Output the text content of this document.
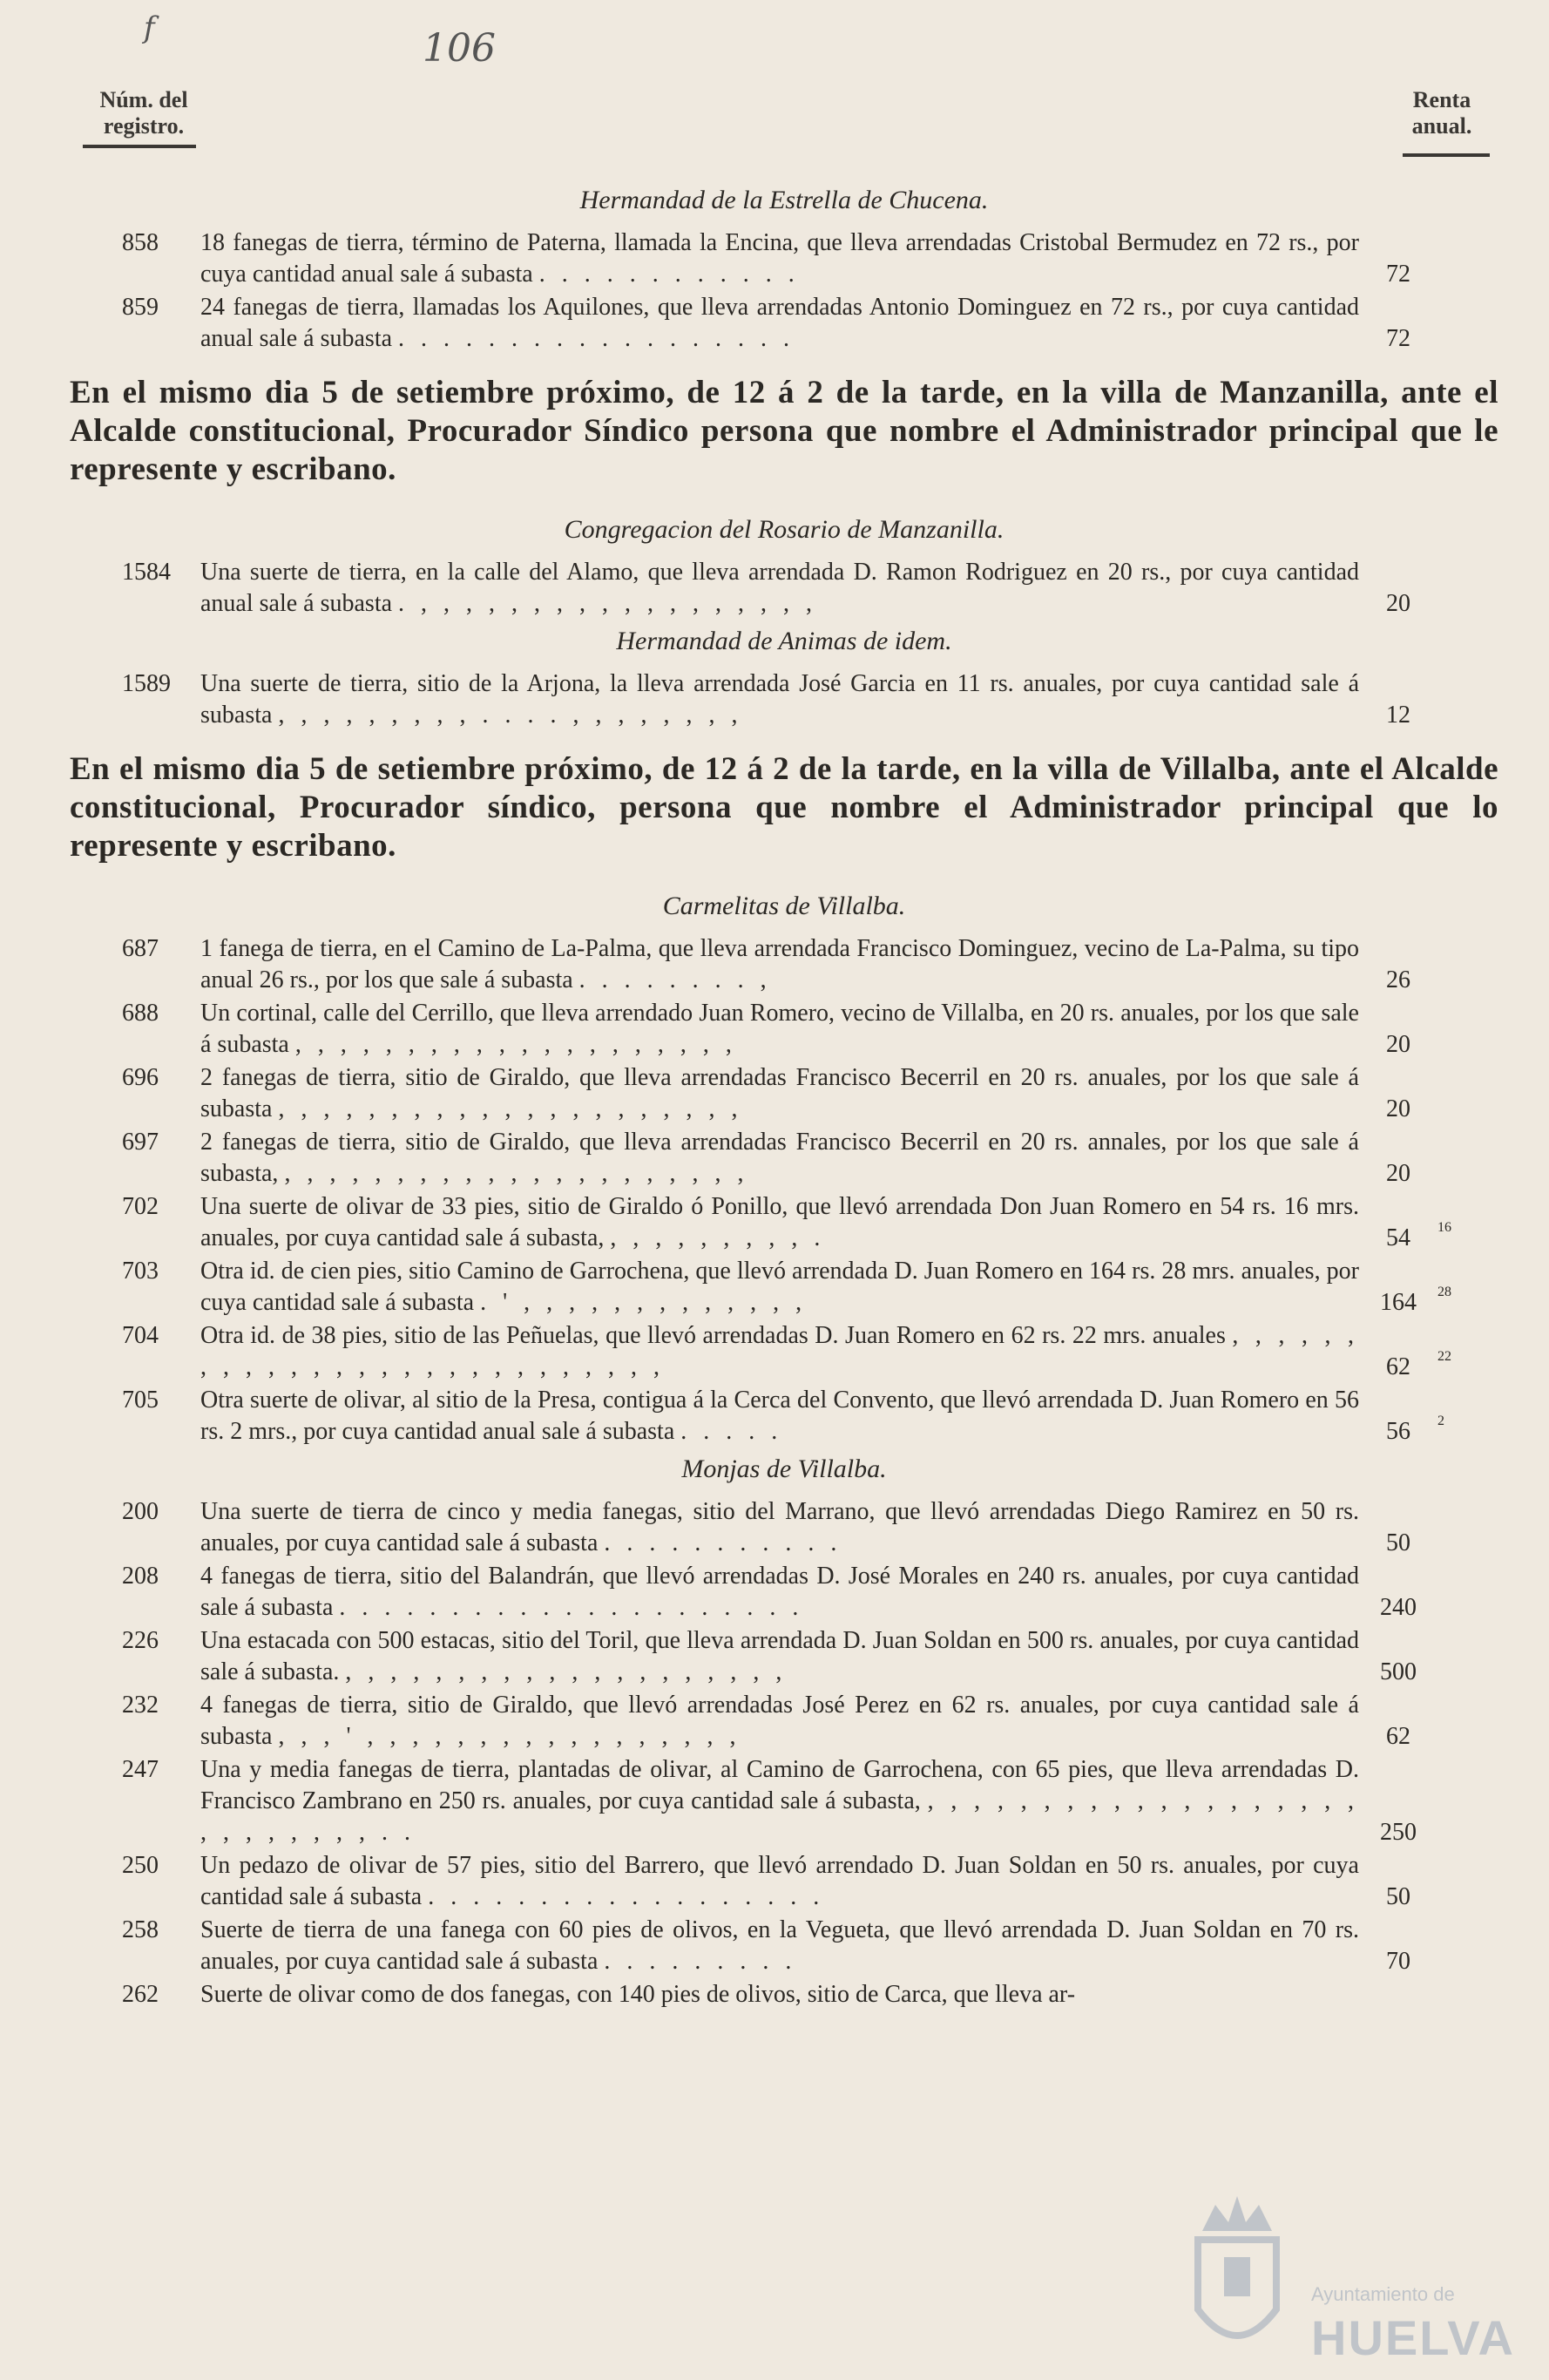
f	106
Núm. del
registro.
Renta
anual.
Hermandad de la Estrella de Chucena.
858	18 fanegas de tierra, término de Paterna, llamada la Encina, que lleva arrendadas Cristobal Bermudez en 72 rs., por cuya cantidad anual sale á subasta . . . . . . . . . . . .	72
859	24 fanegas de tierra, llamadas los Aquilones, que lleva arrendadas Antonio Dominguez en 72 rs., por cuya cantidad anual sale á subasta . . . . . . . . . . . . . . . . . .	72
En el mismo dia 5 de setiembre próximo, de 12 á 2 de la tarde, en la villa de Manzanilla, ante el Alcalde constitucional, Procurador Síndico persona que nombre el Administrador principal que le represente y escribano.
Congregacion del Rosario de Manzanilla.
1584	Una suerte de tierra, en la calle del Alamo, que lleva arrendada D. Ramon Rodriguez en 20 rs., por cuya cantidad anual sale á subasta . , , , , , , , , , , , , , , , , , ,	20
Hermandad de Animas de idem.
1589	Una suerte de tierra, sitio de la Arjona, la lleva arrendada José Garcia en 11 rs. anuales, por cuya cantidad sale á subasta , , , , , , , , , . . . . , , , , , , , ,	12
En el mismo dia 5 de setiembre próximo, de 12 á 2 de la tarde, en la villa de Villalba, ante el Alcalde constitucional, Procurador síndico, persona que nombre el Administrador principal que lo represente y escribano.
Carmelitas de Villalba.
687	1 fanega de tierra, en el Camino de La-Palma, que lleva arrendada Francisco Dominguez, vecino de La-Palma, su tipo anual 26 rs., por los que sale á subasta . . . . . . . . ,	26
688	Un cortinal, calle del Cerrillo, que lleva arrendado Juan Romero, vecino de Villalba, en 20 rs. anuales, por los que sale á subasta , , , , , , , , , , , , , , , , , , , ,	20
696	2 fanegas de tierra, sitio de Giraldo, que lleva arrendadas Francisco Becerril en 20 rs. anuales, por los que sale á subasta , , , , , , , , , , , , , , , , , , , , ,	20
697	2 fanegas de tierra, sitio de Giraldo, que lleva arrendadas Francisco Becerril en 20 rs. annales, por los que sale á subasta, , , , , , , , , , , , , , , , , , , , , ,	20
702	Una suerte de olivar de 33 pies, sitio de Giraldo ó Ponillo, que llevó arrendada Don Juan Romero en 54 rs. 16 mrs. anuales, por cuya cantidad sale á subasta, , , , , , , , , , .	54	16
703	Otra id. de cien pies, sitio Camino de Garrochena, que llevó arrendada D. Juan Romero en 164 rs. 28 mrs. anuales, por cuya cantidad sale á subasta . ' , , , , , , , , , , , , ,	164	28
704	Otra id. de 38 pies, sitio de las Peñuelas, que llevó arrendadas D. Juan Romero en 62 rs. 22 mrs. anuales , , , , , , , , , , , , , , , , , , , , , , , , , , ,	62	22
705	Otra suerte de olivar, al sitio de la Presa, contigua á la Cerca del Convento, que llevó arrendada D. Juan Romero en 56 rs. 2 mrs., por cuya cantidad anual sale á subasta . . . . .	56	2
Monjas de Villalba.
200	Una suerte de tierra de cinco y media fanegas, sitio del Marrano, que llevó arrendadas Diego Ramirez en 50 rs. anuales, por cuya cantidad sale á subasta . . . . . . . . . . .	50
208	4 fanegas de tierra, sitio del Balandrán, que llevó arrendadas D. José Morales en 240 rs. anuales, por cuya cantidad sale á subasta . . . . . . . . . . . . . . . . . . . . .	240
226	Una estacada con 500 estacas, sitio del Toril, que lleva arrendada D. Juan Soldan en 500 rs. anuales, por cuya cantidad sale á subasta. , , , , , , , , , , , , , , , , , , , ,	500
232	4 fanegas de tierra, sitio de Giraldo, que llevó arrendadas José Perez en 62 rs. anuales, por cuya cantidad sale á subasta , , , ' , , , , , , , , , , , , , , , , ,	62
247	Una y media fanegas de tierra, plantadas de olivar, al Camino de Garrochena, con 65 pies, que lleva arrendadas D. Francisco Zambrano en 250 rs. anuales, por cuya cantidad sale á subasta, , , , , , , , , , , , , , , , , , , , , , , , , , , , . .	250
250	Un pedazo de olivar de 57 pies, sitio del Barrero, que llevó arrendado D. Juan Soldan en 50 rs. anuales, por cuya cantidad sale á subasta . . . . . . . . . . . . . . . . . .	50
258	Suerte de tierra de una fanega con 60 pies de olivos, en la Vegueta, que llevó arrendada D. Juan Soldan en 70 rs. anuales, por cuya cantidad sale á subasta . . . . . . . . .	70
262	Suerte de olivar como de dos fanegas, con 140 pies de olivos, sitio de Carca, que lleva ar-
Ayuntamiento de
HUELVA
